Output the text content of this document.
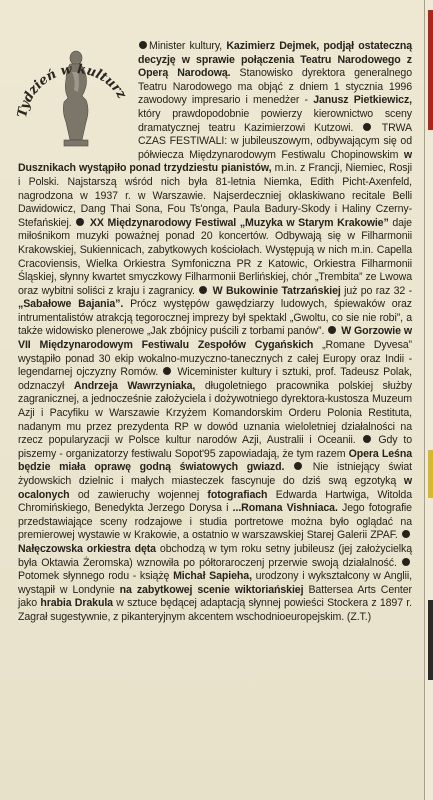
Tydzień w kulturz
Minister kultury, Kazimierz Dejmek, podjął ostateczną decyzję w sprawie połączenia Teatru Narodowego z Operą Narodową. Stanowisko dyrektora generalnego Teatru Narodowego ma objąć z dniem 1 stycznia 1996 zawodowy impresario i menedżer - Janusz Pietkiewicz, który prawdopodobnie powierzy kierownictwo sceny dramatycznej teatru Kazimierzowi Kutzowi.  TRWA CZAS FESTIWALI: w jubileuszowym, odbywającym się od półwiecza Międzynarodowym Festiwalu Chopinowskim w Dusznikach wystąpiło ponad trzydziestu pianistów, m.in. z Francji, Niemiec, Rosji i Polski. Najstarszą wśród nich była 81-letnia Niemka, Edith Picht-Axenfeld, nagrodzona w 1937 r. w Warszawie. Najserdeczniej oklaskiwano recitale Belli Dawidowicz, Dang Thai Sona, Fou Ts'onga, Paula Badury-Skody i Haliny Czerny-Stefańskiej.  XX Międzynarodowy Festiwal „Muzyka w Starym Krakowie” daje miłośnikom muzyki poważnej ponad 20 koncertów. Odbywają się w Filharmonii Krakowskiej, Sukiennicach, zabytkowych kościołach. Występują w nich m.in. Capella Cracoviensis, Wielka Orkiestra Symfoniczna PR z Katowic, Orkiestra Filharmonii Śląskiej, słynny kwartet smyczkowy Filharmonii Berlińskiej, chór „Trembita” ze Lwowa oraz wybitni soliści z kraju i zagranicy.  W Bukowinie Tatrzańskiej już po raz 32 - „Sabałowe Bajania”. Prócz występów gawędziarzy ludowych, śpiewaków oraz intrumentalistów atrakcją tegorocznej imprezy był spektakl „Gwoltu, co sie nie robi”, a także widowisko plenerowe „Jak zbójnicy puścili z torbami panów”.  W Gorzowie w VII Międzynarodowym Festiwalu Zespołów Cygańskich „Romane Dyvesa” wystąpiło ponad 30 ekip wokalno-muzyczno-tanecznych z całej Europy oraz Indii - legendarnej ojczyzny Romów.  Wiceminister kultury i sztuki, prof. Tadeusz Polak, odznaczył Andrzeja Wawrzyniaka, długoletniego pracownika polskiej służby zagranicznej, a jednocześnie założyciela i dożywotniego dyrektora-kustosza Muzeum Azji i Pacyfiku w Warszawie Krzyżem Komandorskim Orderu Polonia Restituta, nadanym mu przez prezydenta RP w dowód uznania wieloletniej działalności na rzecz popularyzacji w Polsce kultur narodów Azji, Australii i Oceanii.  Gdy to piszemy - organizatorzy festiwalu Sopot'95 zapowiadają, że tym razem Opera Leśna będzie miała oprawę godną światowych gwiazd.  Nie istniejący świat żydowskich dzielnic i małych miasteczek fascynuje do dziś swą egzotyką w ocalonych od zawieruchy wojennej fotografiach Edwarda Hartwiga, Witolda Chromińskiego, Benedykta Jerzego Dorysa i ...Romana Vishniaca. Jego fotografie przedstawiające sceny rodzajowe i studia portretowe można było oglądać na premierowej wystawie w Krakowie, a ostatnio w warszawskiej Starej Galerii ZPAF.  Nałęczowska orkiestra dęta obchodzą w tym roku setny jubileusz (jej założycielką była Oktawia Żeromska) wznowiła po półtoraroczenj przerwie swoją działalność.  Potomek słynnego rodu - książę Michał Sapieha, urodzony i wykształcony w Anglii, wystąpił w Londynie na zabytkowej scenie wiktoriańskiej Battersea Arts Center jako hrabia Drakula w sztuce będącej adaptacją słynnej powieści Stockera z 1897 r. Zagrał sugestywnie, z pikanteryjnym akcentem wschodnioeuropejskim. (Z.T.)
